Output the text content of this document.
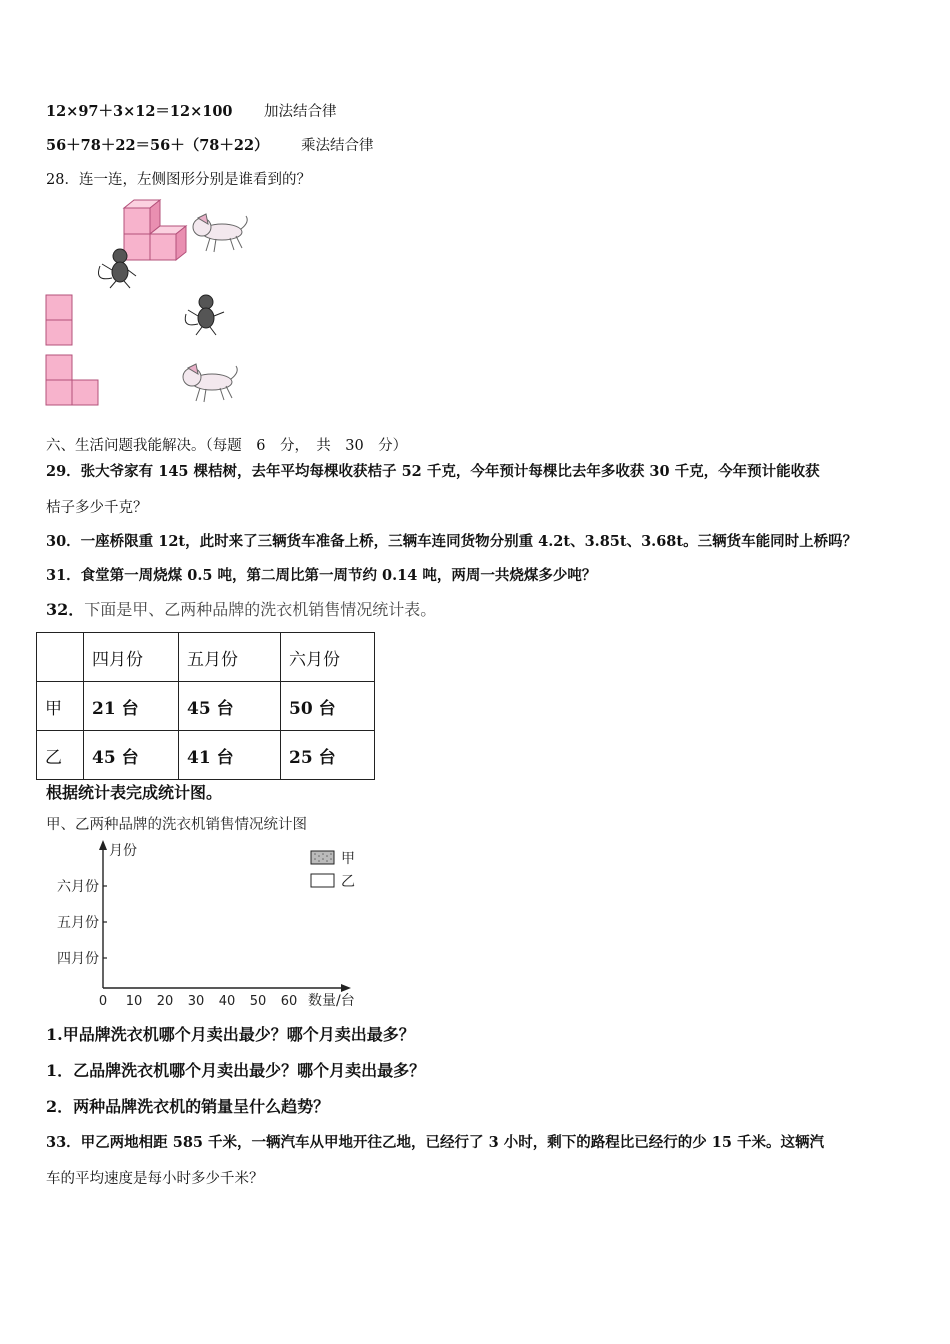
12×97＋3×12＝12×100 加法结合律
56＋78＋22＝56＋（78＋22） 乘法结合律
28．连一连，左侧图形分别是谁看到的？
六、生活问题我能解决。（每题　6　分，　共　30　分）
29．张大爷家有 145 棵桔树，去年平均每棵收获桔子 52 千克，今年预计每棵比去年多收获 30 千克，今年预计能收获
桔子多少千克？
30．一座桥限重 12t，此时来了三辆货车准备上桥，三辆车连同货物分别重 4.2t、3.85t、3.68t。三辆货车能同时上桥吗？
31．食堂第一周烧煤 0.5 吨，第二周比第一周节约 0.14 吨，两周一共烧煤多少吨？
32．下面是甲、乙两种品牌的洗衣机销售情况统计表。
	四月份	五月份	六月份
甲	21 台	45 台	50 台
乙	45 台	41 台	25 台
根据统计表完成统计图。
甲、乙两种品牌的洗衣机销售情况统计图
月份
数量/台
四月份
五月份
六月份
0 10 20 30 40 50 60
甲
乙
1.甲品牌洗衣机哪个月卖出最少？哪个月卖出最多？
1．乙品牌洗衣机哪个月卖出最少？哪个月卖出最多？
2．两种品牌洗衣机的销量呈什么趋势？
33．甲乙两地相距 585 千米，一辆汽车从甲地开往乙地，已经行了 3 小时，剩下的路程比已经行的少 15 千米。这辆汽
车的平均速度是每小时多少千米？
